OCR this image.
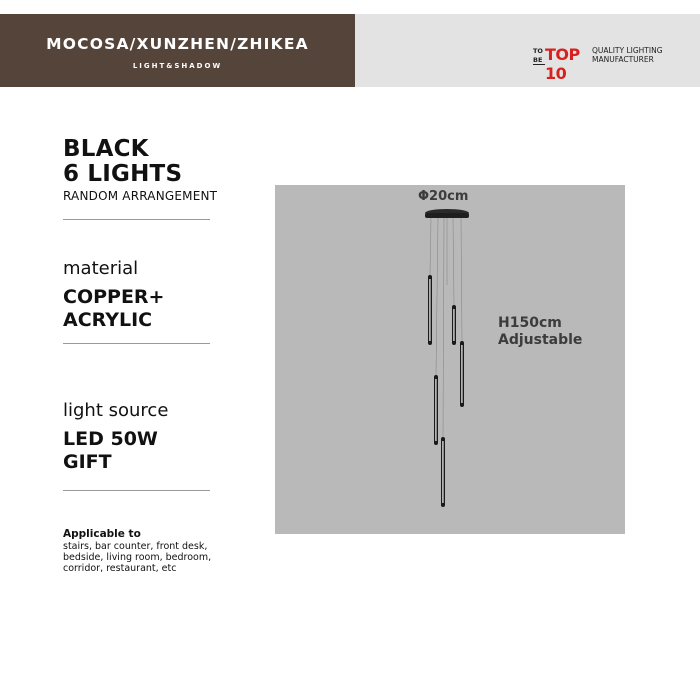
MOCOSA/XUNZHEN/ZHIKEA
LIGHT&SHADOW
TO
BE TOP 10
QUALITY LIGHTING
MANUFACTURER
BLACK
6 LIGHTS
RANDOM ARRANGEMENT
material
COPPER+
ACRYLIC
light source
LED 50W
GIFT
Applicable to
stairs, bar counter, front desk, bedside, living room, bedroom, corridor, restaurant, etc
Φ20cm
H150cm
Adjustable
